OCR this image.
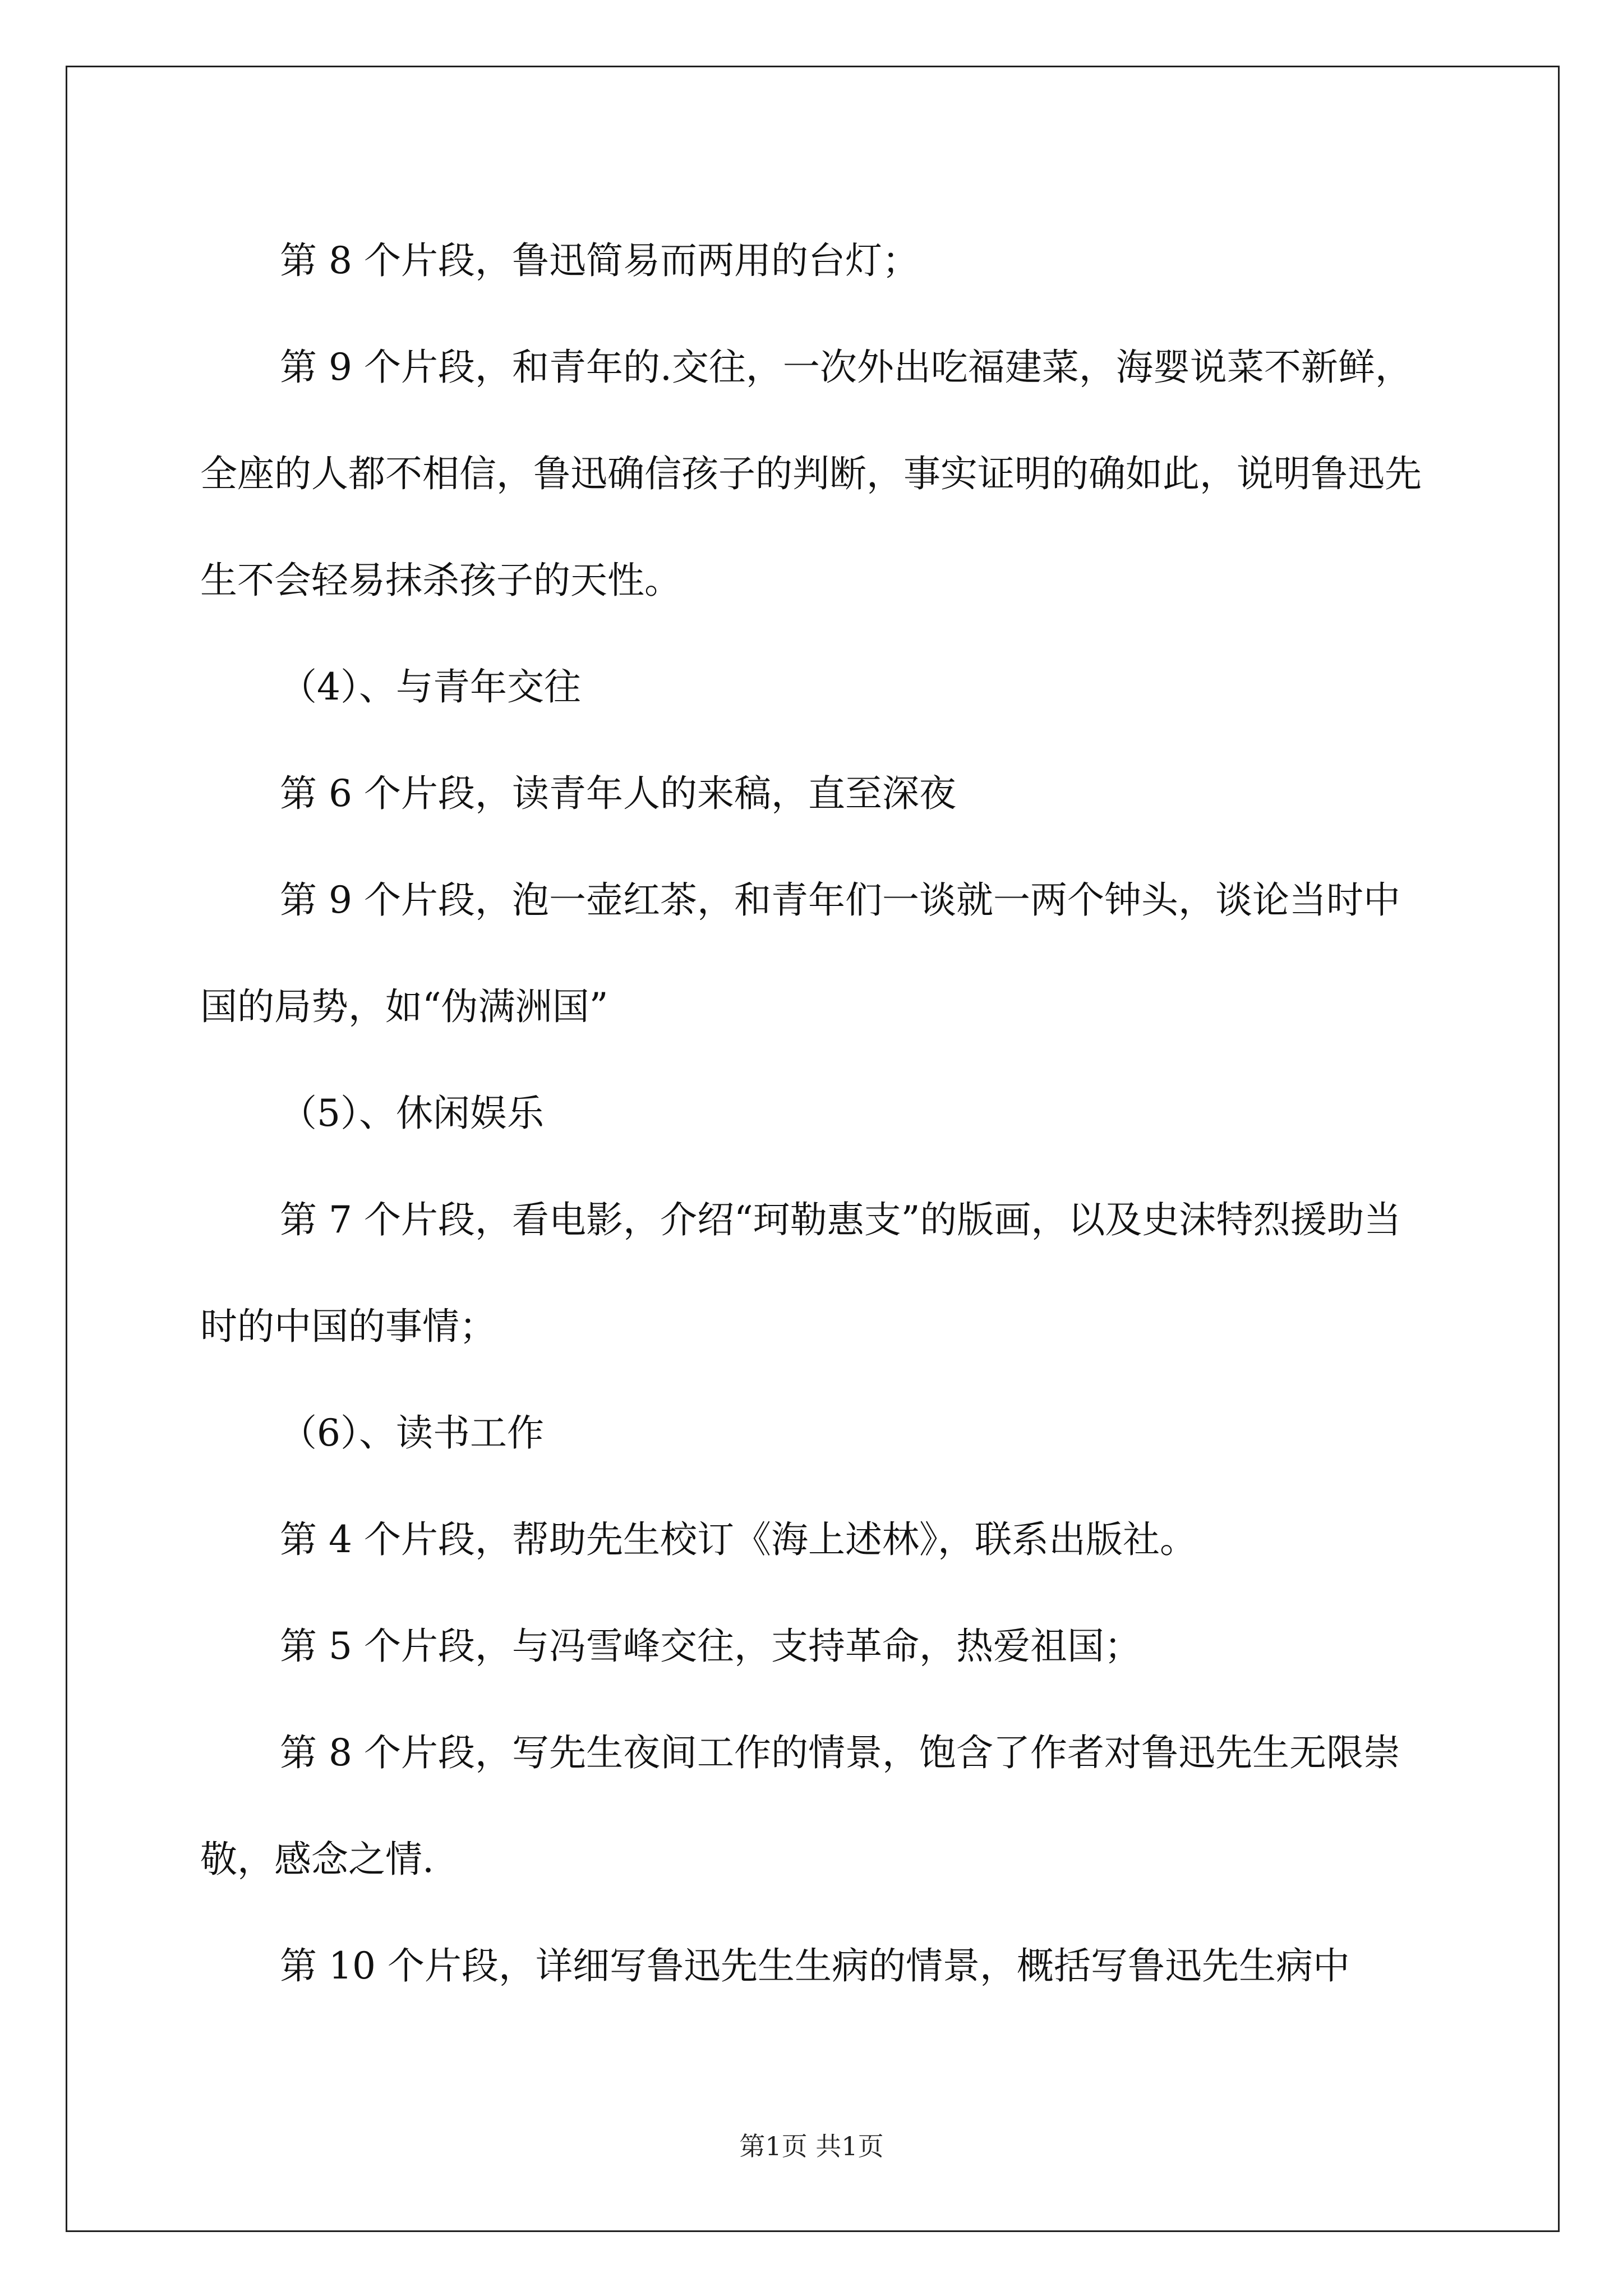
第 8 个片段，鲁迅简易而两用的台灯；

第 9 个片段，和青年的.交往，一次外出吃福建菜，海婴说菜不新鲜，全座的人都不相信，鲁迅确信孩子的判断，事实证明的确如此，说明鲁迅先生不会轻易抹杀孩子的天性。

（4）、与青年交往

第 6 个片段，读青年人的来稿，直至深夜

第 9 个片段，泡一壶红茶，和青年们一谈就一两个钟头，谈论当时中国的局势，如“伪满洲国”

（5）、休闲娱乐

第 7 个片段，看电影，介绍“珂勒惠支”的版画，以及史沫特烈援助当时的中国的事情；

（6）、读书工作

第 4 个片段，帮助先生校订《海上述林》，联系出版社。

第 5 个片段，与冯雪峰交往，支持革命，热爱祖国；

第 8 个片段，写先生夜间工作的情景，饱含了作者对鲁迅先生无限崇敬，感念之情.

第 10 个片段，详细写鲁迅先生生病的情景，概括写鲁迅先生病中

第1页 共1页
